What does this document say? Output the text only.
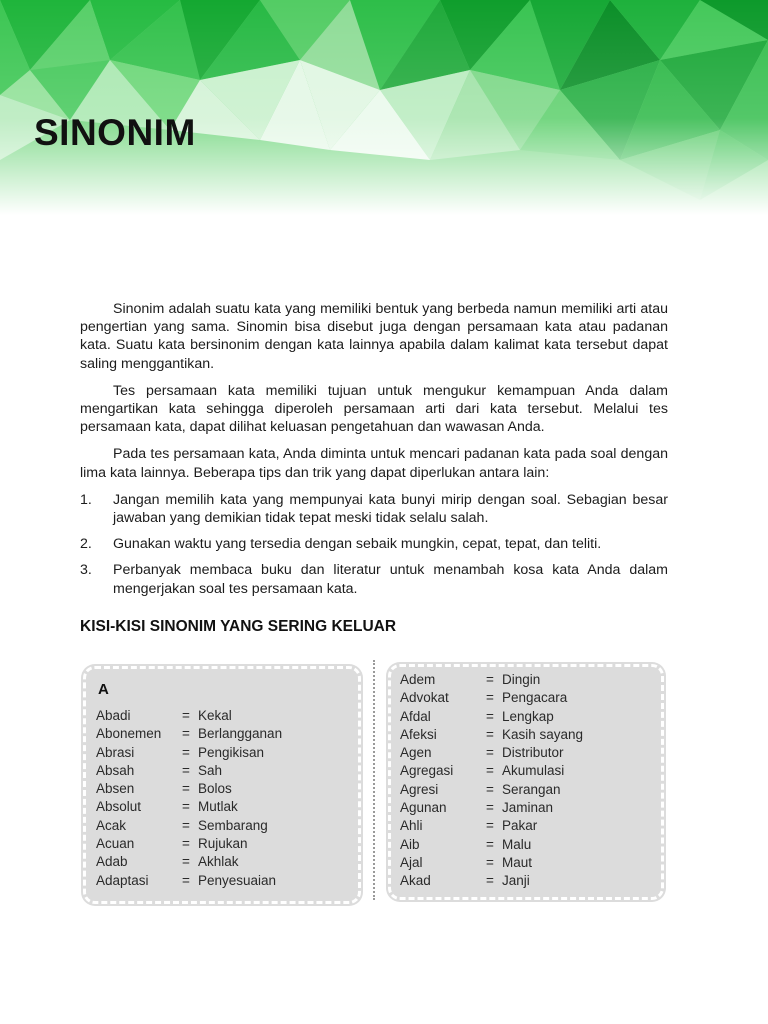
SINONIM

Sinonim adalah suatu kata yang memiliki bentuk yang berbeda namun memiliki arti atau pengertian yang sama. Sinomin bisa disebut juga dengan persamaan kata atau padanan kata. Suatu kata bersinonim dengan kata lainnya apabila dalam kalimat kata tersebut dapat saling menggantikan.

Tes persamaan kata memiliki tujuan untuk mengukur kemampuan Anda dalam mengartikan kata sehingga diperoleh persamaan arti dari kata tersebut. Melalui tes persamaan kata, dapat dilihat keluasan pengetahuan dan wawasan Anda.

Pada tes persamaan kata, Anda diminta untuk mencari padanan kata pada soal dengan lima kata lainnya. Beberapa tips dan trik yang dapat diperlukan antara lain:

1. Jangan memilih kata yang mempunyai kata bunyi mirip dengan soal. Sebagian besar jawaban yang demikian tidak tepat meski tidak selalu salah.
2. Gunakan waktu yang tersedia dengan sebaik mungkin, cepat, tepat, dan teliti.
3. Perbanyak membaca buku dan literatur untuk menambah kosa kata Anda dalam mengerjakan soal tes persamaan kata.
KISI-KISI SINONIM YANG SERING KELUAR
A
Abadi	= Kekal
Abonemen = Berlangganan
Abrasi	= Pengikisan
Absah	= Sah
Absen	= Bolos
Absolut	= Mutlak
Acak	= Sembarang
Acuan	= Rujukan
Adab	= Akhlak
Adaptasi = Penyesuaian
Adem	= Dingin
Advokat	= Pengacara
Afdal	= Lengkap
Afeksi	= Kasih sayang
Agen	= Distributor
Agregasi = Akumulasi
Agresi	= Serangan
Agunan	= Jaminan
Ahli	= Pakar
Aib	= Malu
Ajal	= Maut
Akad	= Janji
